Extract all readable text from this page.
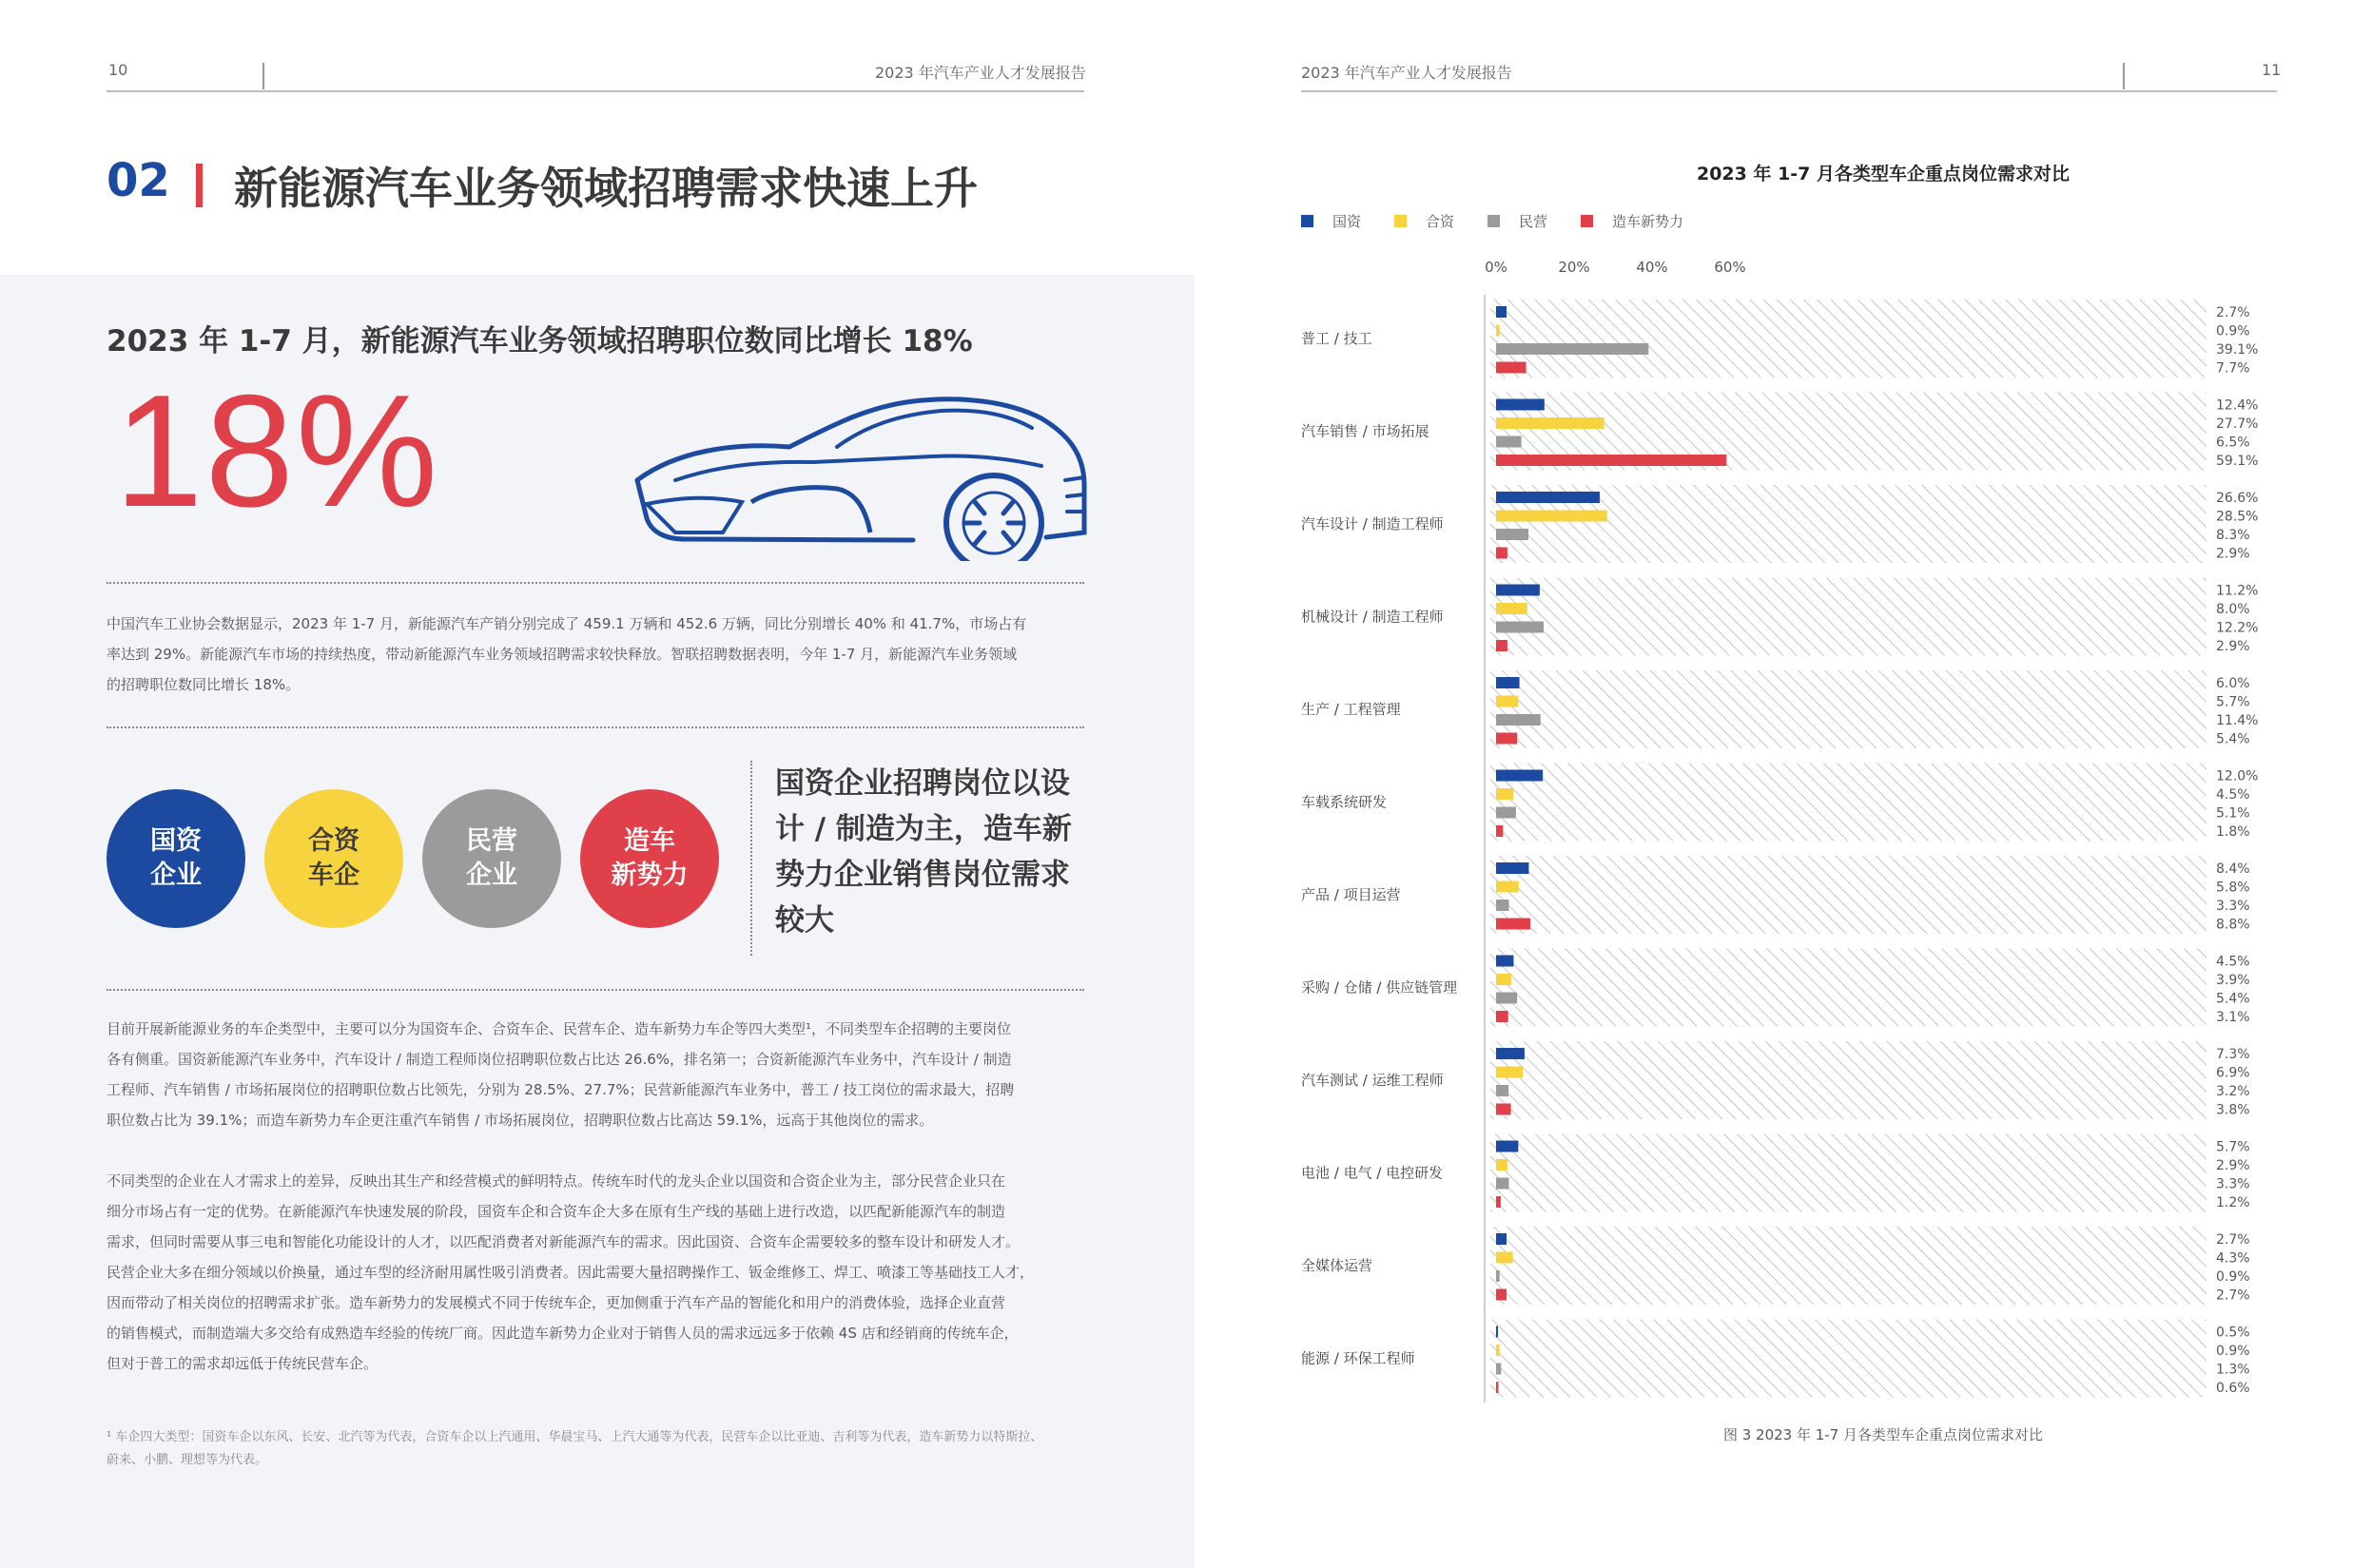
10	2023 年汽车产业人才发展报告	2023 年汽车产业人才发展报告	11
02 新能源汽车业务领域招聘需求快速上升
2023 年 1-7 月，新能源汽车业务领域招聘职位数同比增长 18%
18%
中国汽车工业协会数据显示，2023 年 1-7 月，新能源汽车产销分别完成了 459.1 万辆和 452.6 万辆，同比分别增长 40% 和 41.7%，市场占有
率达到 29%。新能源汽车市场的持续热度，带动新能源汽车业务领域招聘需求较快释放。智联招聘数据表明，今年 1-7 月，新能源汽车业务领域
的招聘职位数同比增长 18%。
国资
企业
合资
车企
民营
企业
造车
新势力
国资企业招聘岗位以设计 / 制造为主，造车新势力企业销售岗位需求较大
目前开展新能源业务的车企类型中，主要可以分为国资车企、合资车企、民营车企、造车新势力车企等四大类型¹，不同类型车企招聘的主要岗位
各有侧重。国资新能源汽车业务中，汽车设计 / 制造工程师岗位招聘职位数占比达 26.6%，排名第一；合资新能源汽车业务中，汽车设计 / 制造
工程师、汽车销售 / 市场拓展岗位的招聘职位数占比领先，分别为 28.5%、27.7%；民营新能源汽车业务中，普工 / 技工岗位的需求最大，招聘
职位数占比为 39.1%；而造车新势力车企更注重汽车销售 / 市场拓展岗位，招聘职位数占比高达 59.1%，远高于其他岗位的需求。
不同类型的企业在人才需求上的差异，反映出其生产和经营模式的鲜明特点。传统车时代的龙头企业以国资和合资企业为主，部分民营企业只在
细分市场占有一定的优势。在新能源汽车快速发展的阶段，国资车企和合资车企大多在原有生产线的基础上进行改造，以匹配新能源汽车的制造
需求，但同时需要从事三电和智能化功能设计的人才，以匹配消费者对新能源汽车的需求。因此国资、合资车企需要较多的整车设计和研发人才。
民营企业大多在细分领域以价换量，通过车型的经济耐用属性吸引消费者。因此需要大量招聘操作工、钣金维修工、焊工、喷漆工等基础技工人才，
因而带动了相关岗位的招聘需求扩张。造车新势力的发展模式不同于传统车企，更加侧重于汽车产品的智能化和用户的消费体验，选择企业直营
的销售模式，而制造端大多交给有成熟造车经验的传统厂商。因此造车新势力企业对于销售人员的需求远远多于依赖 4S 店和经销商的传统车企，
但对于普工的需求却远低于传统民营车企。
¹ 车企四大类型：国资车企以东风、长安、北汽等为代表，合资车企以上汽通用、华晨宝马、上汽大通等为代表，民营车企以比亚迪、吉利等为代表，造车新势力以特斯拉、
蔚来、小鹏、理想等为代表。
2023 年 1-7 月各类型车企重点岗位需求对比
国资	合资	民营	造车新势力
0%	20%	40%	60%
普工 / 技工
2.7%
0.9%
39.1%
7.7%
汽车销售 / 市场拓展
12.4%
27.7%
6.5%
59.1%
汽车设计 / 制造工程师
26.6%
28.5%
8.3%
2.9%
机械设计 / 制造工程师
11.2%
8.0%
12.2%
2.9%
生产 / 工程管理
6.0%
5.7%
11.4%
5.4%
车载系统研发
12.0%
4.5%
5.1%
1.8%
产品 / 项目运营
8.4%
5.8%
3.3%
8.8%
采购 / 仓储 / 供应链管理
4.5%
3.9%
5.4%
3.1%
汽车测试 / 运维工程师
7.3%
6.9%
3.2%
3.8%
电池 / 电气 / 电控研发
5.7%
2.9%
3.3%
1.2%
全媒体运营
2.7%
4.3%
0.9%
2.7%
能源 / 环保工程师
0.5%
0.9%
1.3%
0.6%
图 3 2023 年 1-7 月各类型车企重点岗位需求对比
